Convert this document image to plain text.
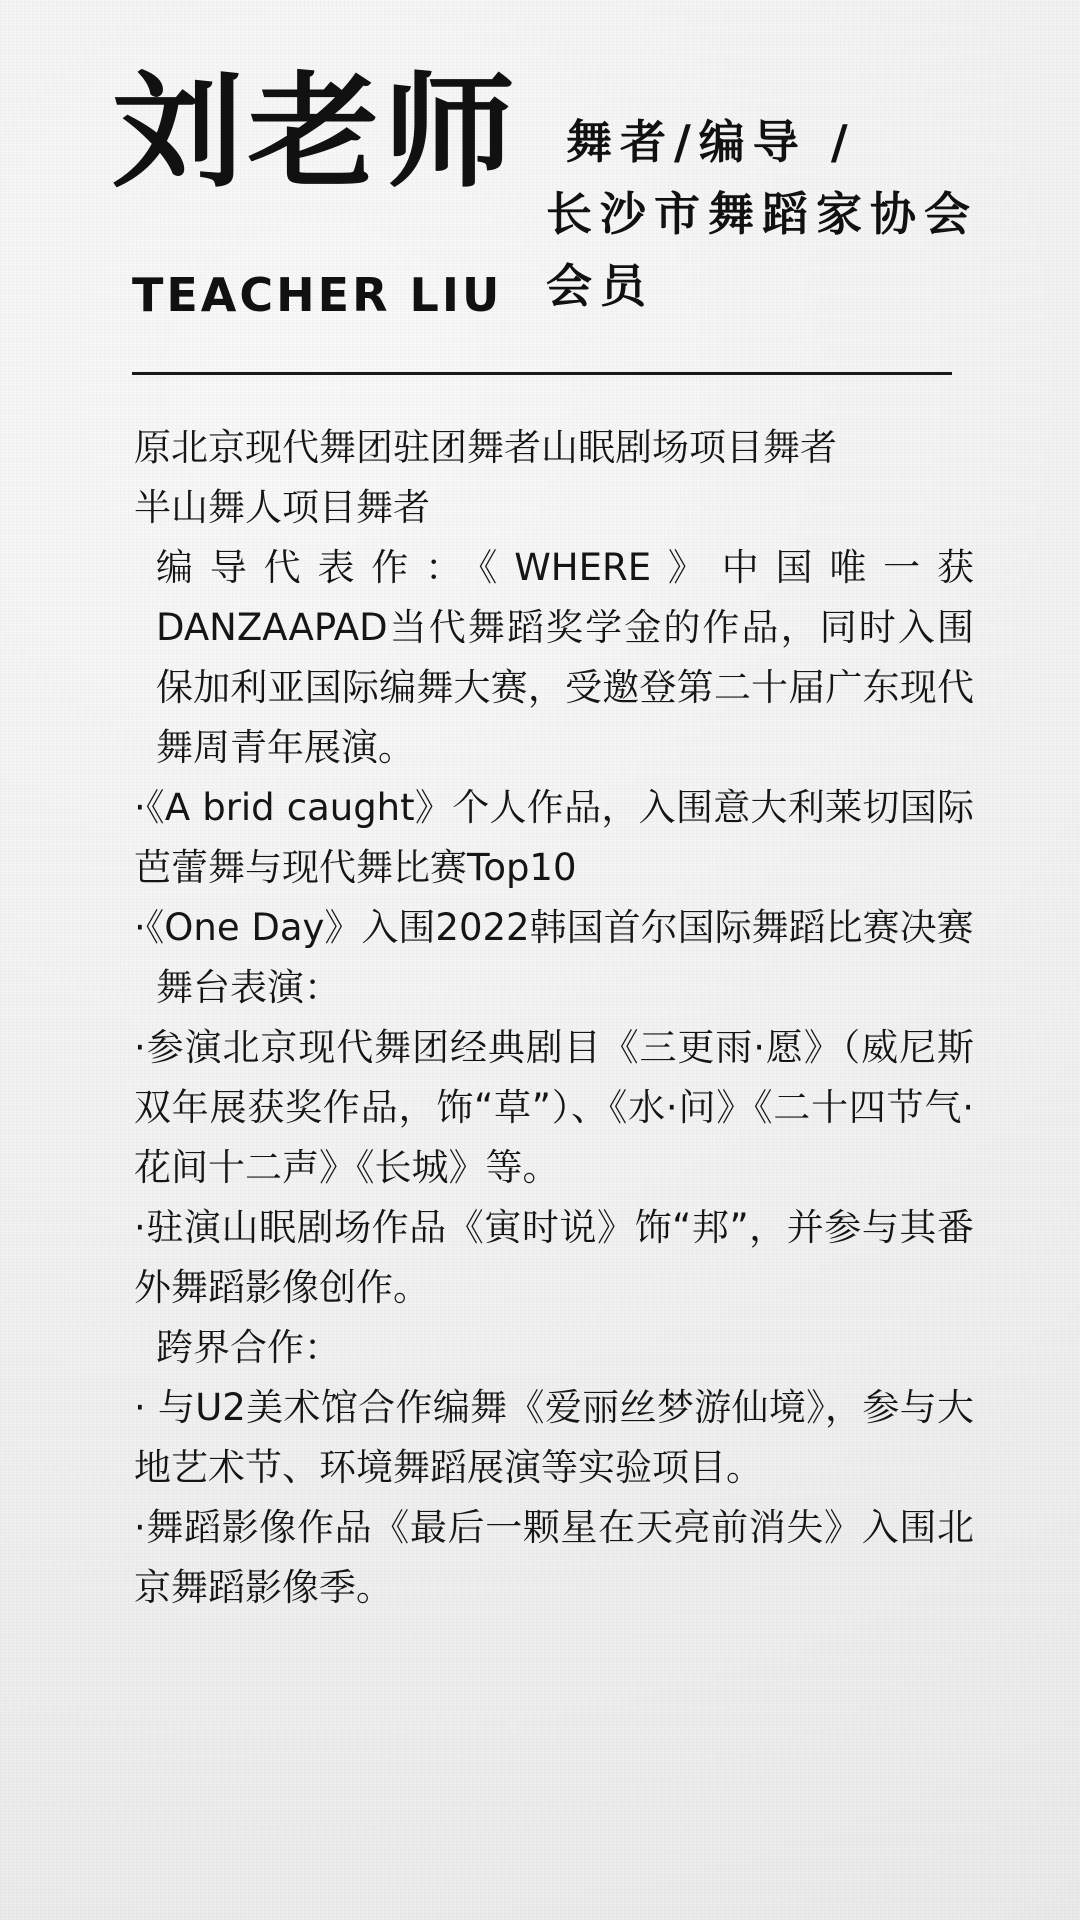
刘老师
TEACHER LIU
舞者/编导 /
长沙市舞蹈家协会
会员
原北京现代舞团驻团舞者山眠剧场项目舞者
半山舞人项目舞者
编导代表作：《WHERE》中国唯一获DANZAAPAD当代舞蹈奖学金的作品，同时入围保加利亚国际编舞大赛，受邀登第二十届广东现代舞周青年展演。
·《A brid caught》个人作品，入围意大利莱切国际芭蕾舞与现代舞比赛Top10
·《One Day》入围2022韩国首尔国际舞蹈比赛决赛
舞台表演：
·参演北京现代舞团经典剧目《三更雨·愿》（威尼斯双年展获奖作品，饰“草”）、《水·问》《二十四节气·花间十二声》《长城》等。
·驻演山眠剧场作品《寅时说》饰“邦”，并参与其番外舞蹈影像创作。
跨界合作：
· 与U2美术馆合作编舞《爱丽丝梦游仙境》，参与大地艺术节、环境舞蹈展演等实验项目。
·舞蹈影像作品《最后一颗星在天亮前消失》入围北京舞蹈影像季。
